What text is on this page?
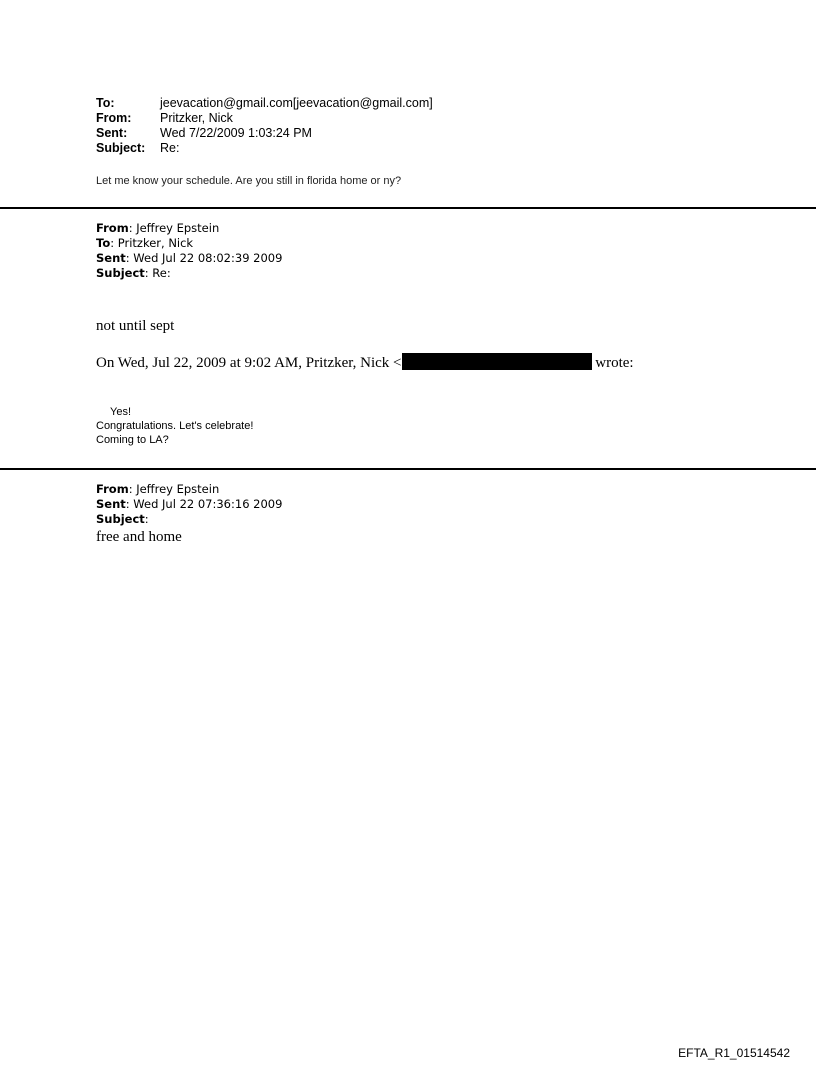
To:	jeevacation@gmail.com[jeevacation@gmail.com]
From:	Pritzker, Nick
Sent:	Wed 7/22/2009 1:03:24 PM
Subject:	Re:
Let me know your schedule. Are you still in florida home or ny?
From: Jeffrey Epstein
To: Pritzker, Nick
Sent: Wed Jul 22 08:02:39 2009
Subject: Re:
not until sept
On Wed, Jul 22, 2009 at 9:02 AM, Pritzker, Nick <	wrote:
Yes!
Congratulations. Let's celebrate!
Coming to LA?
From: Jeffrey Epstein
Sent: Wed Jul 22 07:36:16 2009
Subject:
free and home
EFTA_R1_01514542
